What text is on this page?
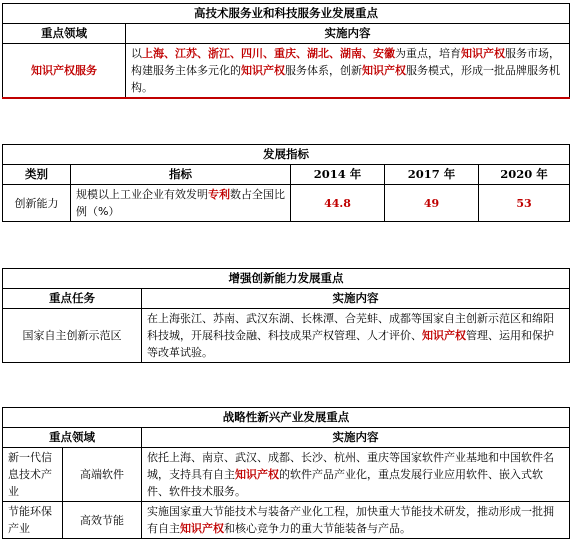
高技术服务业和科技服务业发展重点	
重点领域	实施内容
知识产权服务	以上海、江苏、浙江、四川、重庆、湖北、湖南、安徽为重点，培育知识产权服务市场，构建服务主体多元化的知识产权服务体系，创新知识产权服务模式，形成一批品牌服务机构。
发展指标				
类别	指标	2014 年	2017 年	2020 年
创新能力	规模以上工业企业有效发明专利数占全国比例（%）	44.8	49	53
增强创新能力发展重点	
重点任务	实施内容
国家自主创新示范区	在上海张江、苏南、武汉东湖、长株潭、合芜蚌、成都等国家自主创新示范区和绵阳科技城，开展科技金融、科技成果产权管理、人才评价、知识产权管理、运用和保护等改革试验。
战略性新兴产业发展重点		
重点领域		实施内容
新一代信息技术产业	高端软件	依托上海、南京、武汉、成都、长沙、杭州、重庆等国家软件产业基地和中国软件名城，支持具有自主知识产权的软件产品产业化，重点发展行业应用软件、嵌入式软件、软件技术服务。
节能环保产业	高效节能	实施国家重大节能技术与装备产业化工程，加快重大节能技术研发，推动形成一批拥有自主知识产权和核心竞争力的重大节能装备与产品。
